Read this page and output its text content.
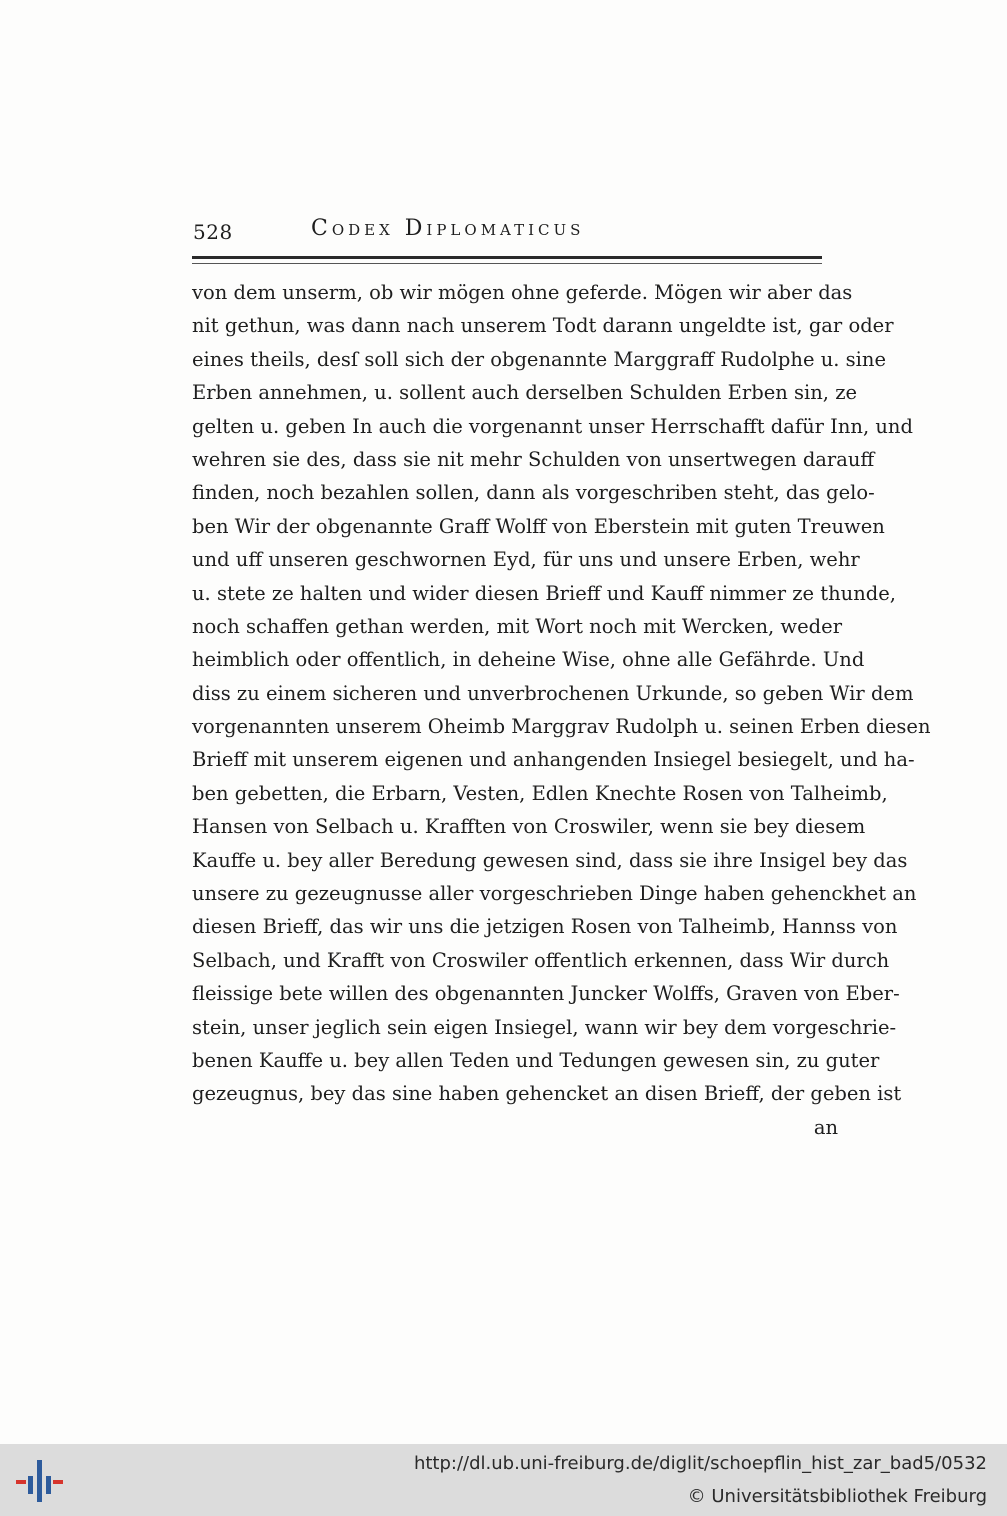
528	Codex Diplomaticus
von dem unserm, ob wir mögen ohne geferde. Mögen wir aber das
nit gethun, was dann nach unserem Todt darann ungeldte ist, gar oder
eines theils, desſ soll sich der obgenannte Marggraff Rudolphe u. sine
Erben annehmen, u. sollent auch derselben Schulden Erben sin, ze
gelten u. geben In auch die vorgenannt unser Herrschafft dafür Inn, und
wehren sie des, dass sie nit mehr Schulden von unsertwegen darauff
finden, noch bezahlen sollen, dann als vorgeschriben steht, das gelo-
ben Wir der obgenannte Graff Wolff von Eberstein mit guten Treuwen
und uff unseren geschwornen Eyd, für uns und unsere Erben, wehr
u. stete ze halten und wider diesen Brieff und Kauff nimmer ze thunde,
noch schaffen gethan werden, mit Wort noch mit Wercken, weder
heimblich oder offentlich, in deheine Wise, ohne alle Gefährde. Und
diss zu einem sicheren und unverbrochenen Urkunde, so geben Wir dem
vorgenannten unserem Oheimb Marggrav Rudolph u. seinen Erben diesen
Brieff mit unserem eigenen und anhangenden Insiegel besiegelt, und ha-
ben gebetten, die Erbarn, Vesten, Edlen Knechte Rosen von Talheimb,
Hansen von Selbach u. Krafften von Croswiler, wenn sie bey diesem
Kauffe u. bey aller Beredung gewesen sind, dass sie ihre Insigel bey das
unsere zu gezeugnusse aller vorgeschrieben Dinge haben gehenckhet an
diesen Brieff, das wir uns die jetzigen Rosen von Talheimb, Hannss von
Selbach, und Krafft von Croswiler offentlich erkennen, dass Wir durch
fleissige bete willen des obgenannten Juncker Wolffs, Graven von Eber-
stein, unser jeglich sein eigen Insiegel, wann wir bey dem vorgeschrie-
benen Kauffe u. bey allen Teden und Tedungen gewesen sin, zu guter
gezeugnus, bey das sine haben gehencket an disen Brieff, der geben ist
an
http://dl.ub.uni-freiburg.de/diglit/schoepflin_hist_zar_bad5/0532
© Universitätsbibliothek Freiburg
